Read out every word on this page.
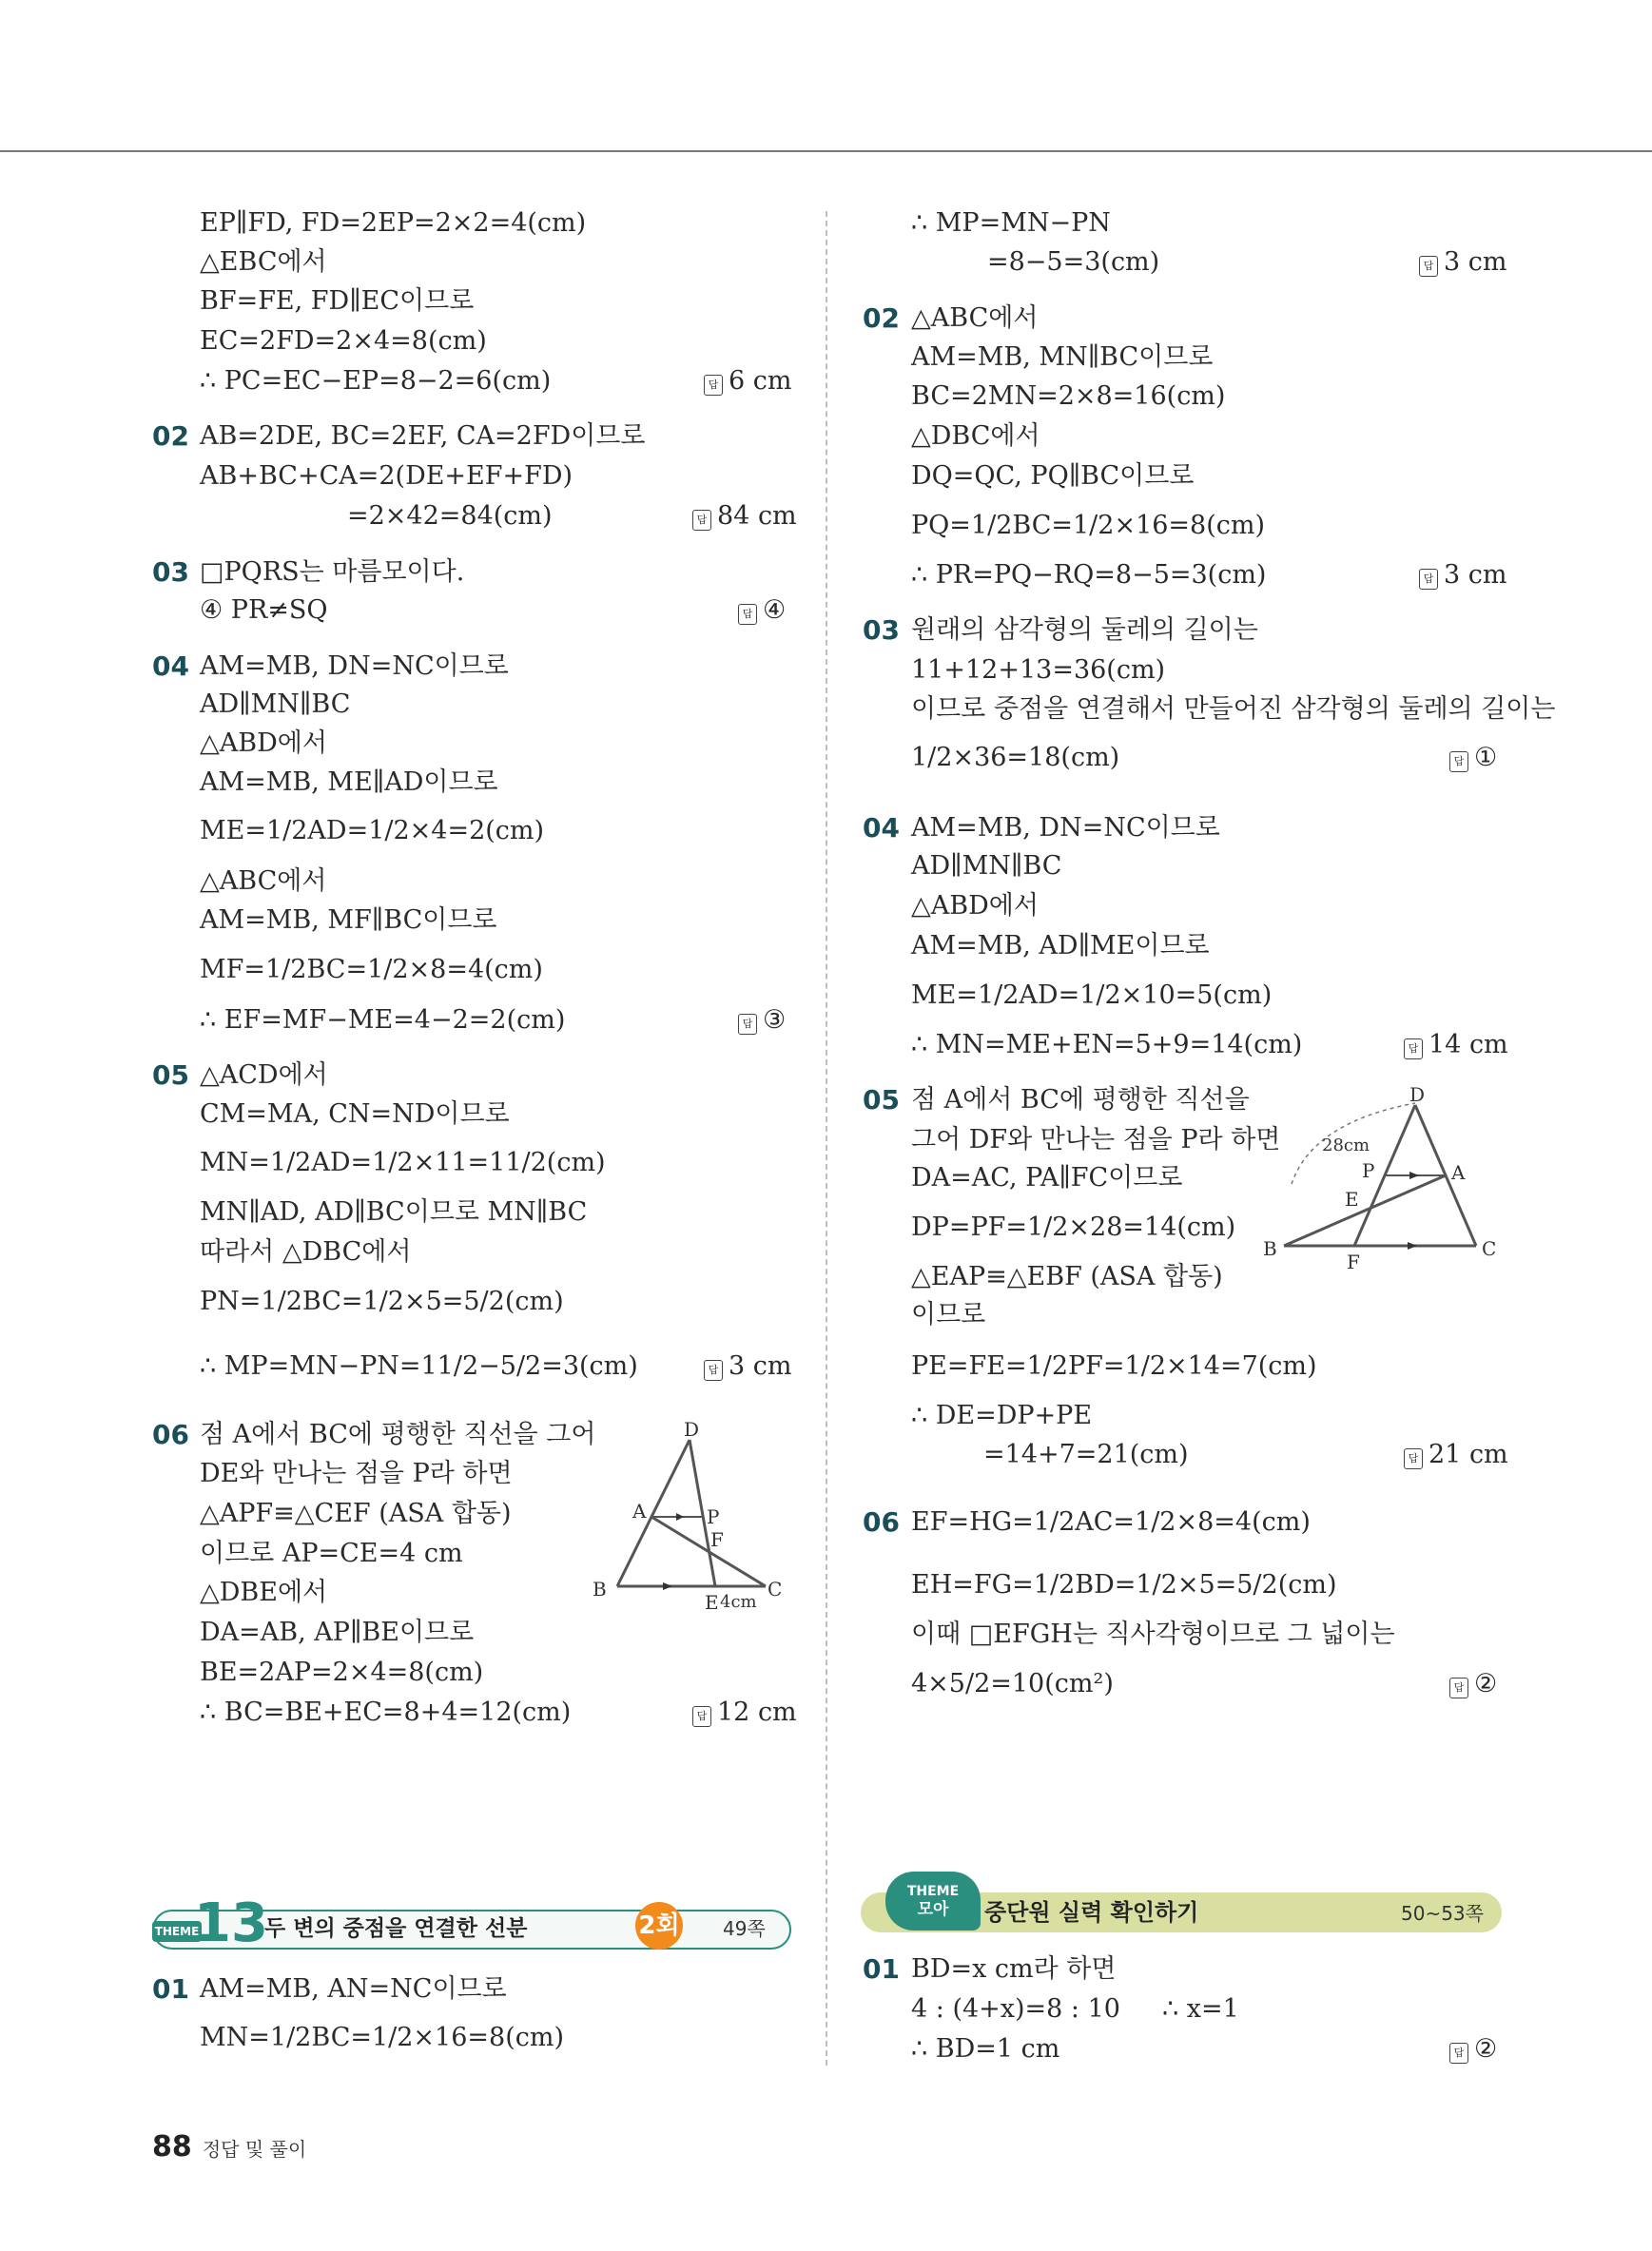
EP∥FD, FD=2EP=2×2=4(cm)
△EBC에서
BF=FE, FD∥EC이므로
EC=2FD=2×4=8(cm)
∴ PC=EC−EP=8−2=6(cm)	답 6 cm
02 AB=2DE, BC=2EF, CA=2FD이므로
AB+BC+CA=2(DE+EF+FD)
=2×42=84(cm)	답 84 cm
03 □PQRS는 마름모이다.
④ PR≠SQ	답 ④
04 AM=MB, DN=NC이므로
AD∥MN∥BC
△ABD에서
AM=MB, ME∥AD이므로
ME=1/2AD=1/2×4=2(cm)
△ABC에서
AM=MB, MF∥BC이므로
MF=1/2BC=1/2×8=4(cm)
∴ EF=MF−ME=4−2=2(cm)	답 ③
05 △ACD에서
CM=MA, CN=ND이므로
MN=1/2AD=1/2×11=11/2(cm)
MN∥AD, AD∥BC이므로 MN∥BC
따라서 △DBC에서
PN=1/2BC=1/2×5=5/2(cm)
∴ MP=MN−PN=11/2−5/2=3(cm)	답 3 cm
06 점 A에서 BC에 평행한 직선을 그어
DE와 만나는 점을 P라 하면
△APF≡△CEF (ASA 합동)
이므로 AP=CE=4 cm
△DBE에서
DA=AB, AP∥BE이므로
BE=2AP=2×4=8(cm)
∴ BC=BE+EC=8+4=12(cm)	답 12 cm
D
A	P
F
B
E
C
4cm
THEME
13
두 변의 중점을 연결한 선분	2회 49쪽
01 AM=MB, AN=NC이므로
MN=1/2BC=1/2×16=8(cm)
∴ MP=MN−PN
=8−5=3(cm)	답 3 cm
02 △ABC에서
AM=MB, MN∥BC이므로
BC=2MN=2×8=16(cm)
△DBC에서
DQ=QC, PQ∥BC이므로
PQ=1/2BC=1/2×16=8(cm)
∴ PR=PQ−RQ=8−5=3(cm)	답 3 cm
03 원래의 삼각형의 둘레의 길이는
11+12+13=36(cm)
이므로 중점을 연결해서 만들어진 삼각형의 둘레의 길이는
1/2×36=18(cm)	답 ①
04 AM=MB, DN=NC이므로
AD∥MN∥BC
△ABD에서
AM=MB, AD∥ME이므로
ME=1/2AD=1/2×10=5(cm)
∴ MN=ME+EN=5+9=14(cm)	답 14 cm
05 점 A에서 BC에 평행한 직선을
그어 DF와 만나는 점을 P라 하면
DA=AC, PA∥FC이므로
DP=PF=1/2×28=14(cm)
△EAP≡△EBF (ASA 합동)
이므로
PE=FE=1/2PF=1/2×14=7(cm)
∴ DE=DP+PE
=14+7=21(cm)	답 21 cm
D
28cm
P	A
E
B
F
C
06 EF=HG=1/2AC=1/2×8=4(cm)
EH=FG=1/2BD=1/2×5=5/2(cm)
이때 □EFGH는 직사각형이므로 그 넓이는
4×5/2=10(cm²)	답 ②
THEME
모아	중단원 실력 확인하기	50~53쪽
01 BD=x cm라 하면
4 : (4+x)=8 : 10 ∴ x=1
∴ BD=1 cm	답 ②
88 정답 및 풀이
